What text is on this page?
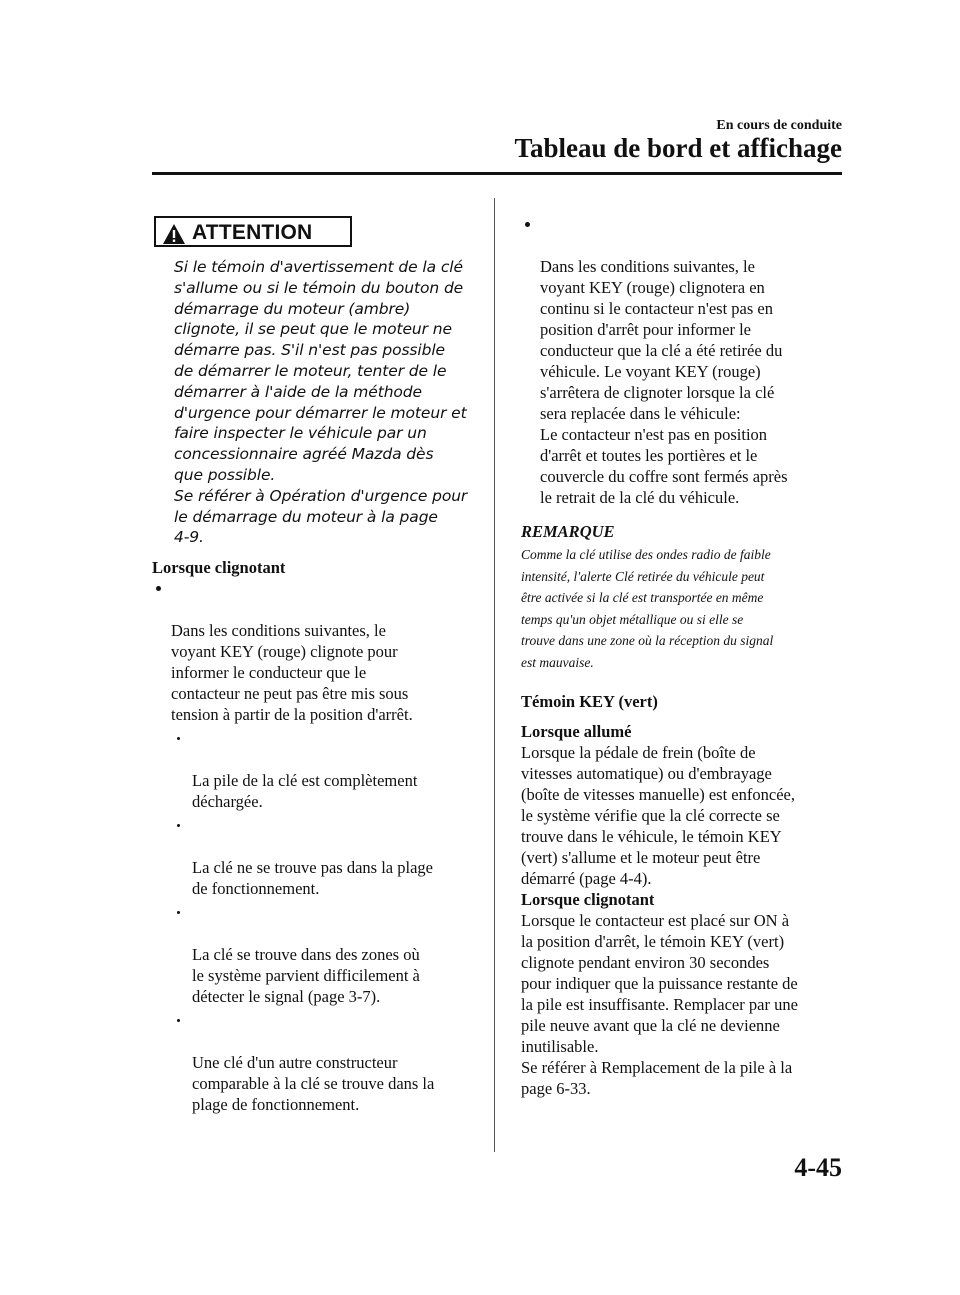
En cours de conduite
Tableau de bord et affichage
ATTENTION
Si le témoin d'avertissement de la clé
s'allume ou si le témoin du bouton de
démarrage du moteur (ambre)
clignote, il se peut que le moteur ne
démarre pas. S'il n'est pas possible
de démarrer le moteur, tenter de le
démarrer à l'aide de la méthode
d'urgence pour démarrer le moteur et
faire inspecter le véhicule par un
concessionnaire agréé Mazda dès
que possible.
Se référer à Opération d'urgence pour
le démarrage du moteur à la page
4-9.
Lorsque clignotant

Dans les conditions suivantes, le
voyant KEY (rouge) clignote pour
informer le conducteur que le
contacteur ne peut pas être mis sous
tension à partir de la position d'arrêt.

La pile de la clé est complètement
déchargée.

La clé ne se trouve pas dans la plage
de fonctionnement.

La clé se trouve dans des zones où
le système parvient difficilement à
détecter le signal (page 3-7).

Une clé d'un autre constructeur
comparable à la clé se trouve dans la
plage de fonctionnement.

Dans les conditions suivantes, le
voyant KEY (rouge) clignotera en
continu si le contacteur n'est pas en
position d'arrêt pour informer le
conducteur que la clé a été retirée du
véhicule. Le voyant KEY (rouge)
s'arrêtera de clignoter lorsque la clé
sera replacée dans le véhicule:
Le contacteur n'est pas en position
d'arrêt et toutes les portières et le
couvercle du coffre sont fermés après
le retrait de la clé du véhicule.

REMARQUE
Comme la clé utilise des ondes radio de faible
intensité, l'alerte Clé retirée du véhicule peut
être activée si la clé est transportée en même
temps qu'un objet métallique ou si elle se
trouve dans une zone où la réception du signal
est mauvaise.
Témoin KEY (vert)
Lorsque allumé
Lorsque la pédale de frein (boîte de
vitesses automatique) ou d'embrayage
(boîte de vitesses manuelle) est enfoncée,
le système vérifie que la clé correcte se
trouve dans le véhicule, le témoin KEY
(vert) s'allume et le moteur peut être
démarré (page 4-4).
Lorsque clignotant
Lorsque le contacteur est placé sur ON à
la position d'arrêt, le témoin KEY (vert)
clignote pendant environ 30 secondes
pour indiquer que la puissance restante de
la pile est insuffisante. Remplacer par une
pile neuve avant que la clé ne devienne
inutilisable.
Se référer à Remplacement de la pile à la
page 6-33.
4-45
